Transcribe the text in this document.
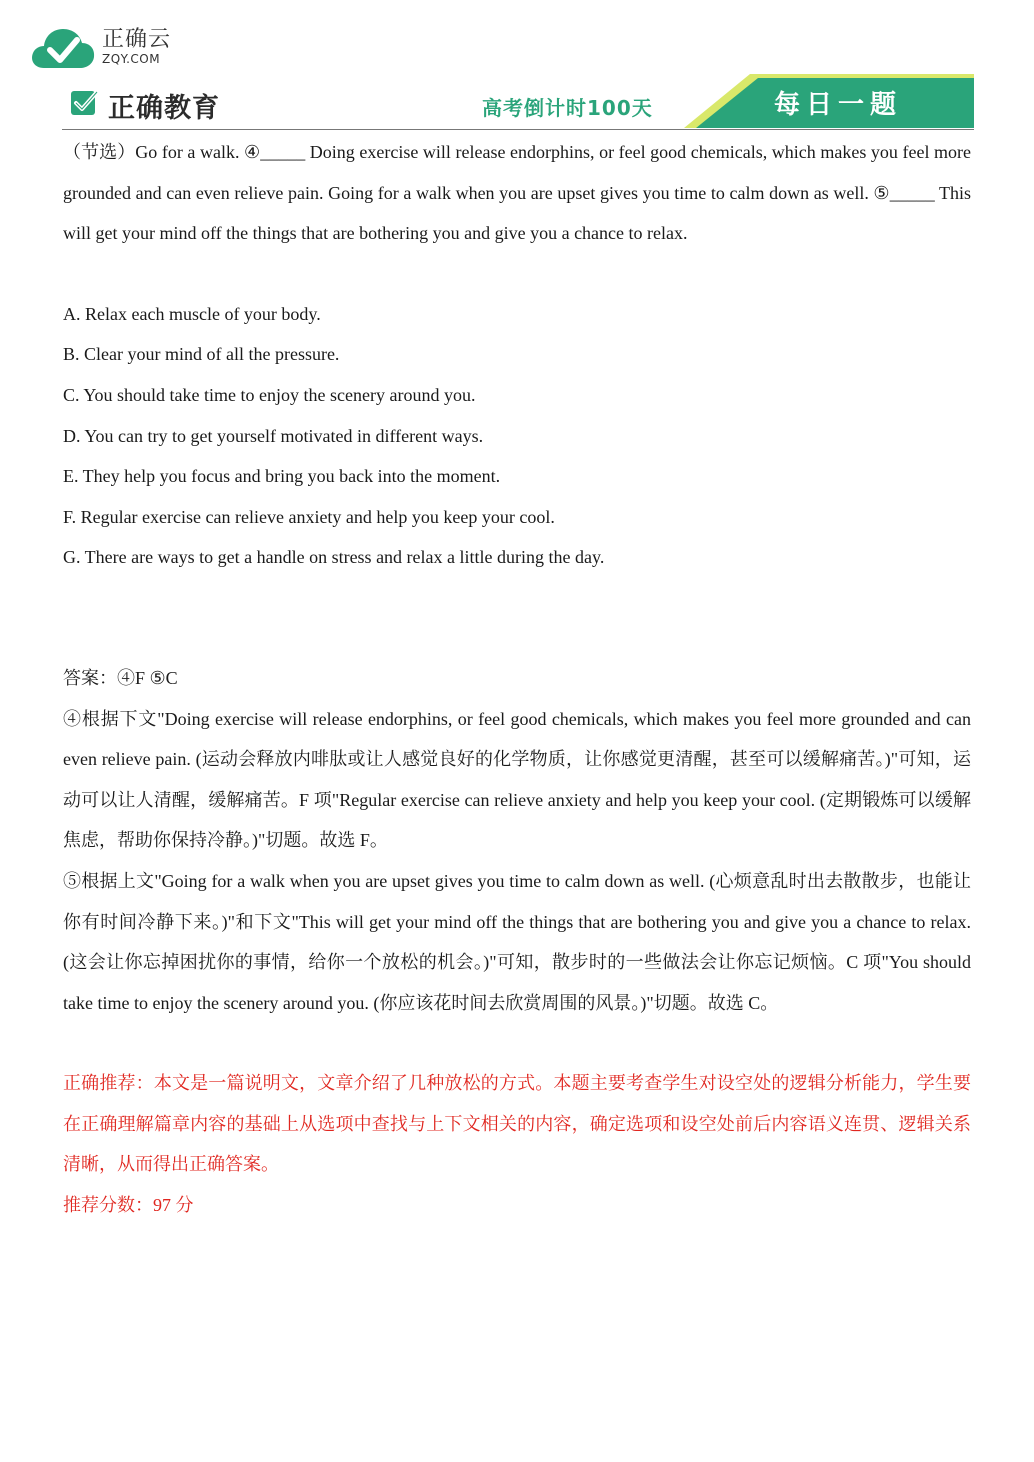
正确云
ZQY.COM
正确教育	高考倒计时100天	每日一题

（节选）Go for a walk. ④_____ Doing exercise will release endorphins, or feel good chemicals, which makes you feel more grounded and can even relieve pain. Going for a walk when you are upset gives you time to calm down as well. ⑤_____ This will get your mind off the things that are bothering you and give you a chance to relax.

A. Relax each muscle of your body.

B. Clear your mind of all the pressure.

C. You should take time to enjoy the scenery around you.

D. You can try to get yourself motivated in different ways.

E. They help you focus and bring you back into the moment.

F. Regular exercise can relieve anxiety and help you keep your cool.

G. There are ways to get a handle on stress and relax a little during the day.

答案：④F ⑤C

④根据下文"Doing exercise will release endorphins, or feel good chemicals, which makes you feel more grounded and can even relieve pain. (运动会释放内啡肽或让人感觉良好的化学物质，让你感觉更清醒，甚至可以缓解痛苦。)"可知，运动可以让人清醒，缓解痛苦。F 项"Regular exercise can relieve anxiety and help you keep your cool. (定期锻炼可以缓解焦虑，帮助你保持冷静。)"切题。故选 F。

⑤根据上文"Going for a walk when you are upset gives you time to calm down as well. (心烦意乱时出去散散步，也能让你有时间冷静下来。)"和下文"This will get your mind off the things that are bothering you and give you a chance to relax. (这会让你忘掉困扰你的事情，给你一个放松的机会。)"可知，散步时的一些做法会让你忘记烦恼。C 项"You should take time to enjoy the scenery around you. (你应该花时间去欣赏周围的风景。)"切题。故选 C。

正确推荐：本文是一篇说明文，文章介绍了几种放松的方式。本题主要考查学生对设空处的逻辑分析能力，学生要在正确理解篇章内容的基础上从选项中查找与上下文相关的内容，确定选项和设空处前后内容语义连贯、逻辑关系清晰，从而得出正确答案。

推荐分数：97 分
